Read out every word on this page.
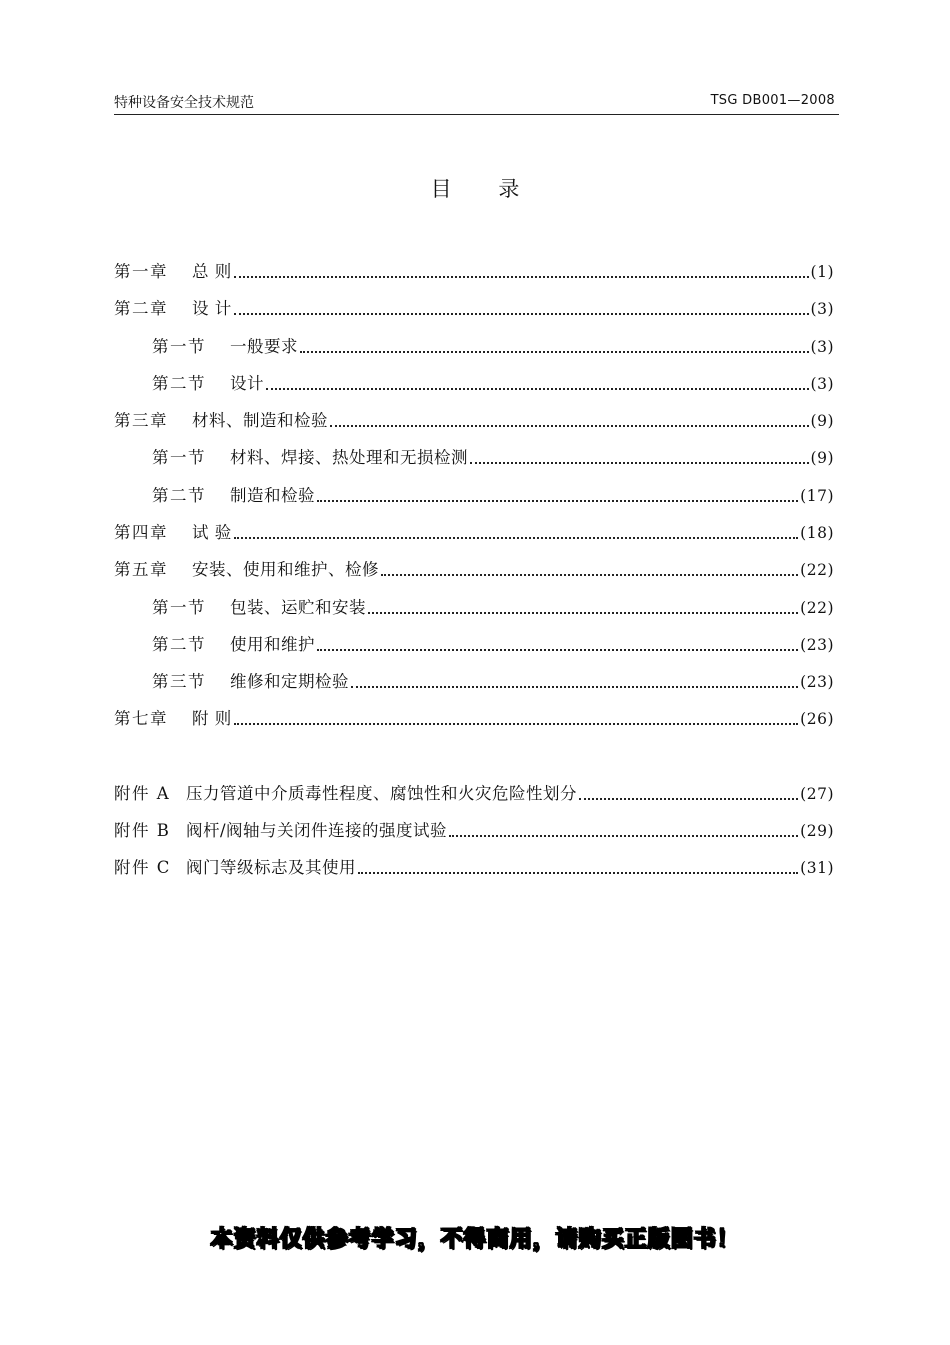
特种设备安全技术规范	TSG DB001—2008
目 录
第一章	总 则	(1)
第二章	设 计	(3)
第一节	一般要求	(3)
第二节	设计	(3)
第三章	材料、制造和检验	(9)
第一节	材料、焊接、热处理和无损检测	(9)
第二节	制造和检验	(17)
第四章	试 验	(18)
第五章	安装、使用和维护、检修	(22)
第一节	包装、运贮和安装	(22)
第二节	使用和维护	(23)
第三节	维修和定期检验	(23)
第七章	附 则	(26)
附件 A 压力管道中介质毒性程度、腐蚀性和火灾危险性划分	(27)
附件 B 阀杆/阀轴与关闭件连接的强度试验	(29)
附件 C 阀门等级标志及其使用	(31)
本资料仅供参考学习，不得商用，请购买正版图书！
